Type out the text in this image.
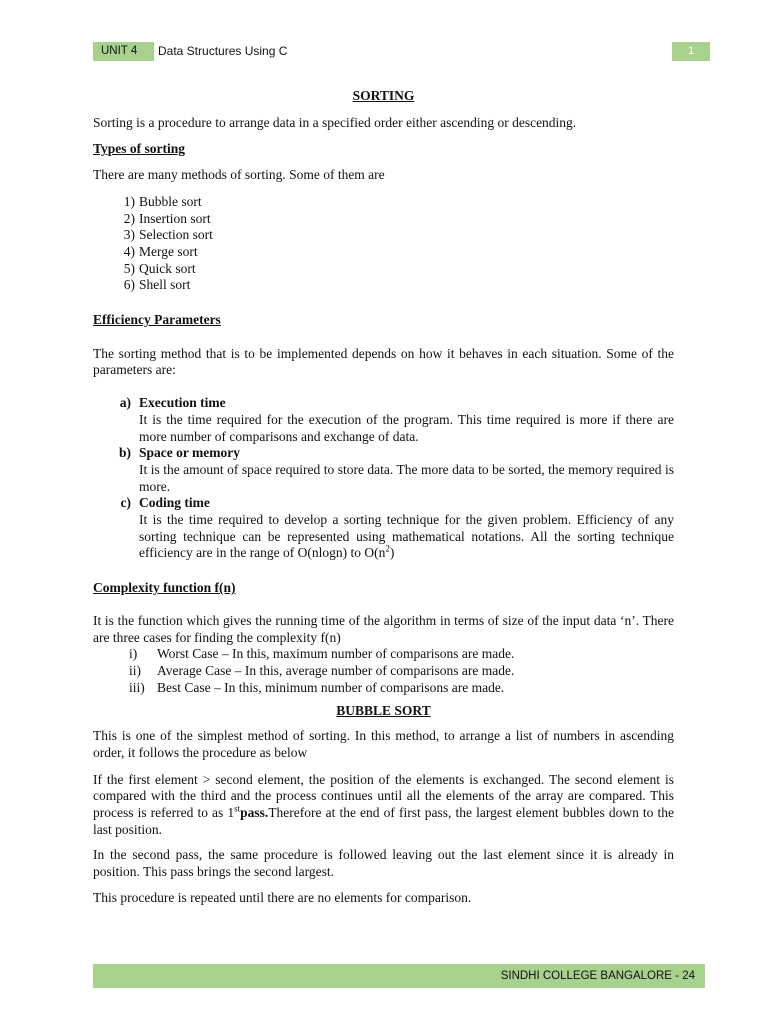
UNIT 4	Data Structures Using C	1

SORTING

Sorting is a procedure to arrange data in a specified order either ascending or descending.

Types of sorting

There are many methods of sorting. Some of them are

1) Bubble sort
2) Insertion sort
3) Selection sort
4) Merge sort
5) Quick sort
6) Shell sort

Efficiency Parameters

The sorting method that is to be implemented depends on how it behaves in each situation. Some of the parameters are:

a) Execution time
It is the time required for the execution of the program. This time required is more if there are more number of comparisons and exchange of data.
b) Space or memory
It is the amount of space required to store data. The more data to be sorted, the memory required is more.
c) Coding time
It is the time required to develop a sorting technique for the given problem. Efficiency of any sorting technique can be represented using mathematical notations. All the sorting technique efficiency are in the range of O(nlogn) to $O(n^2)$

Complexity function f(n)

It is the function which gives the running time of the algorithm in terms of size of the input data ‘n’. There are three cases for finding the complexity f(n)

i)	Worst Case – In this, maximum number of comparisons are made.
ii)	Average Case – In this, average number of comparisons are made.
iii) Best Case – In this, minimum number of comparisons are made.

BUBBLE SORT

This is one of the simplest method of sorting. In this method, to arrange a list of numbers in ascending order, it follows the procedure as below

If the first element > second element, the position of the elements is exchanged. The second element is compared with the third and the process continues until all the elements of the array are compared. This process is referred to as 1stpass.Therefore at the end of first pass, the largest element bubbles down to the last position.

In the second pass, the same procedure is followed leaving out the last element since it is already in position. This pass brings the second largest.

This procedure is repeated until there are no elements for comparison.

SINDHI COLLEGE BANGALORE - 24
